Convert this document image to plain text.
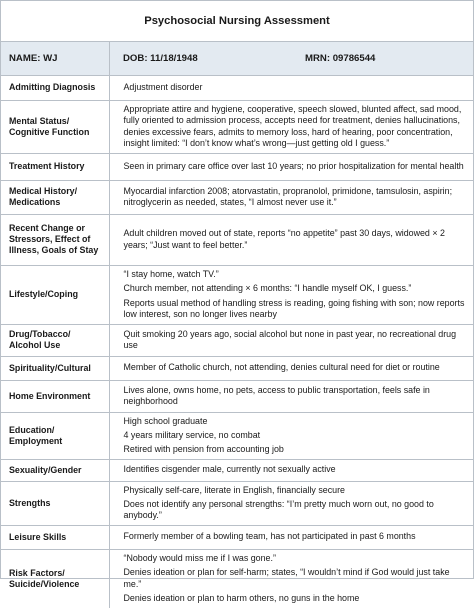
Psychosocial Nursing Assessment
NAME: WJ	DOB: 11/18/1948	MRN: 09786544
Admitting Diagnosis	Adjustment disorder

Mental Status/ Cognitive Function	Appropriate attire and hygiene, cooperative, speech slowed, blunted affect, sad mood, fully oriented to admission process, accepts need for treatment, denies hallucinations, denies excessive fears, admits to memory loss, hard of hearing, poor concentration, insight limited: “I don’t know what’s wrong—just getting old I guess.”

Treatment History	Seen in primary care office over last 10 years; no prior hospitalization for mental health

Medical History/ Medications	Myocardial infarction 2008; atorvastatin, propranolol, primidone, tamsulosin, aspirin; nitroglycerin as needed, states, “I almost never use it.”

Recent Change or Stressors, Effect of Illness, Goals of Stay	Adult children moved out of state, reports “no appetite” past 30 days, widowed × 2 years; “Just want to feel better.”

Lifestyle/Coping	“I stay home, watch TV.”
Church member, not attending × 6 months: “I handle myself OK, I guess.”
Reports usual method of handling stress is reading, going fishing with son; now reports low interest, son no longer lives nearby

Drug/Tobacco/ Alcohol Use	Quit smoking 20 years ago, social alcohol but none in past year, no recreational drug use

Spirituality/Cultural	Member of Catholic church, not attending, denies cultural need for diet or routine

Home Environment	Lives alone, owns home, no pets, access to public transportation, feels safe in neighborhood

Education/ Employment	High school graduate
4 years military service, no combat
Retired with pension from accounting job

Sexuality/Gender	Identifies cisgender male, currently not sexually active

Strengths	Physically self-care, literate in English, financially secure
Does not identify any personal strengths: “I’m pretty much worn out, no good to anybody.”

Leisure Skills	Formerly member of a bowling team, has not participated in past 6 months

Risk Factors/ Suicide/Violence	“Nobody would miss me if I was gone.”
Denies ideation or plan for self-harm; states, “I wouldn’t mind if God would just take me.”
Denies ideation or plan to harm others, no guns in the home
